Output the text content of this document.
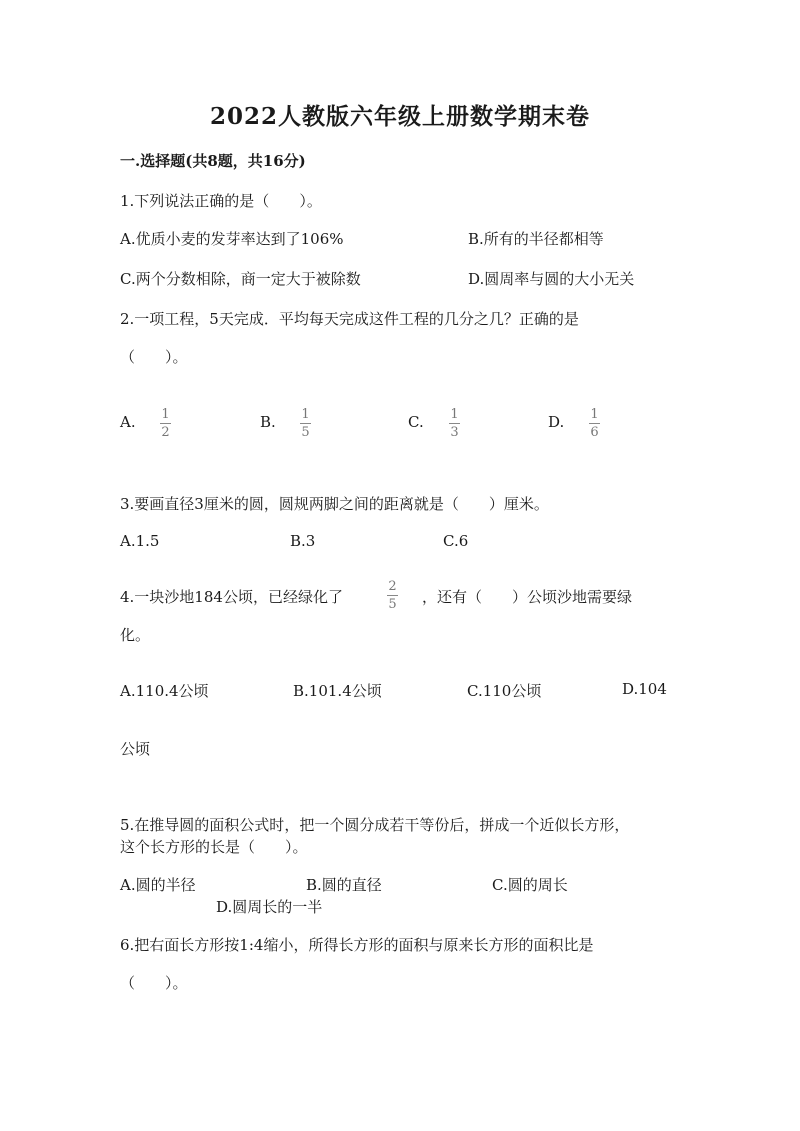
2022人教版六年级上册数学期末卷
一.选择题(共8题，共16分)
1.下列说法正确的是（　　）。
A.优质小麦的发芽率达到了106%	B.所有的半径都相等
C.两个分数相除，商一定大于被除数	D.圆周率与圆的大小无关
2.一项工程，5天完成．平均每天完成这件工程的几分之几？正确的是
（　　）。
A. 1
2
B. 1
5
C. 1
3
D. 1
6
3.要画直径3厘米的圆，圆规两脚之间的距离就是（　　）厘米。
A.1.5	B.3	C.6
4.一块沙地184公顷，已经绿化了
2
5 ，还有（　　）公顷沙地需要绿
化。
A.110.4公顷	B.101.4公顷	C.110公顷	D.104
公顷
5.在推导圆的面积公式时，把一个圆分成若干等份后，拼成一个近似长方形，
这个长方形的长是（　　）。
A.圆的半径	B.圆的直径	C.圆的周长
D.圆周长的一半
6.把右面长方形按1:4缩小，所得长方形的面积与原来长方形的面积比是
（　　）。
